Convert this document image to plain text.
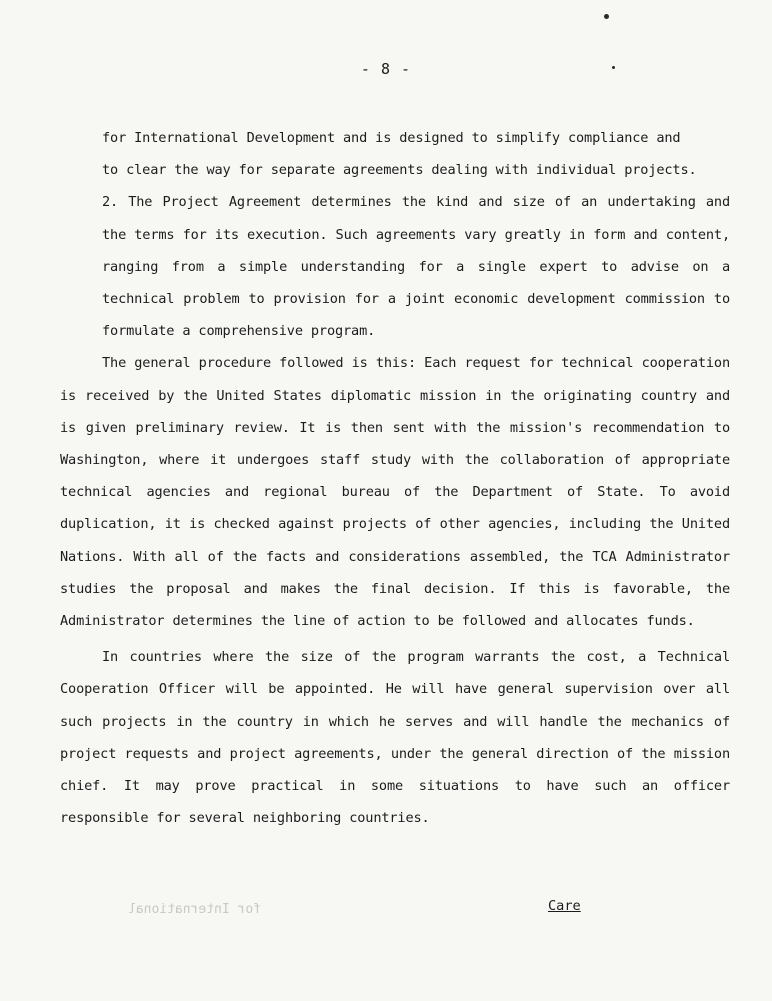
- 8 -

for International Development and is designed to simplify compliance and

to clear the way for separate agreements dealing with individual projects.

2. The Project Agreement determines the kind and size of an undertaking and the terms for its execution. Such agreements vary greatly in form and content, ranging from a simple understanding for a single expert to advise on a technical problem to provision for a joint economic development commission to formulate a comprehensive program.

The general procedure followed is this: Each request for technical cooperation is received by the United States diplomatic mission in the originating country and is given preliminary review. It is then sent with the mission's recommendation to Washington, where it undergoes staff study with the collaboration of appropriate technical agencies and regional bureau of the Department of State. To avoid duplication, it is checked against projects of other agencies, including the United Nations. With all of the facts and considerations assembled, the TCA Administrator studies the proposal and makes the final decision. If this is favorable, the Administrator determines the line of action to be followed and allocates funds.

In countries where the size of the program warrants the cost, a Technical Cooperation Officer will be appointed. He will have general supervision over all such projects in the country in which he serves and will handle the mechanics of project requests and project agreements, under the general direction of the mission chief. It may prove practical in some situations to have such an officer responsible for several neighboring countries.

Care
for International
